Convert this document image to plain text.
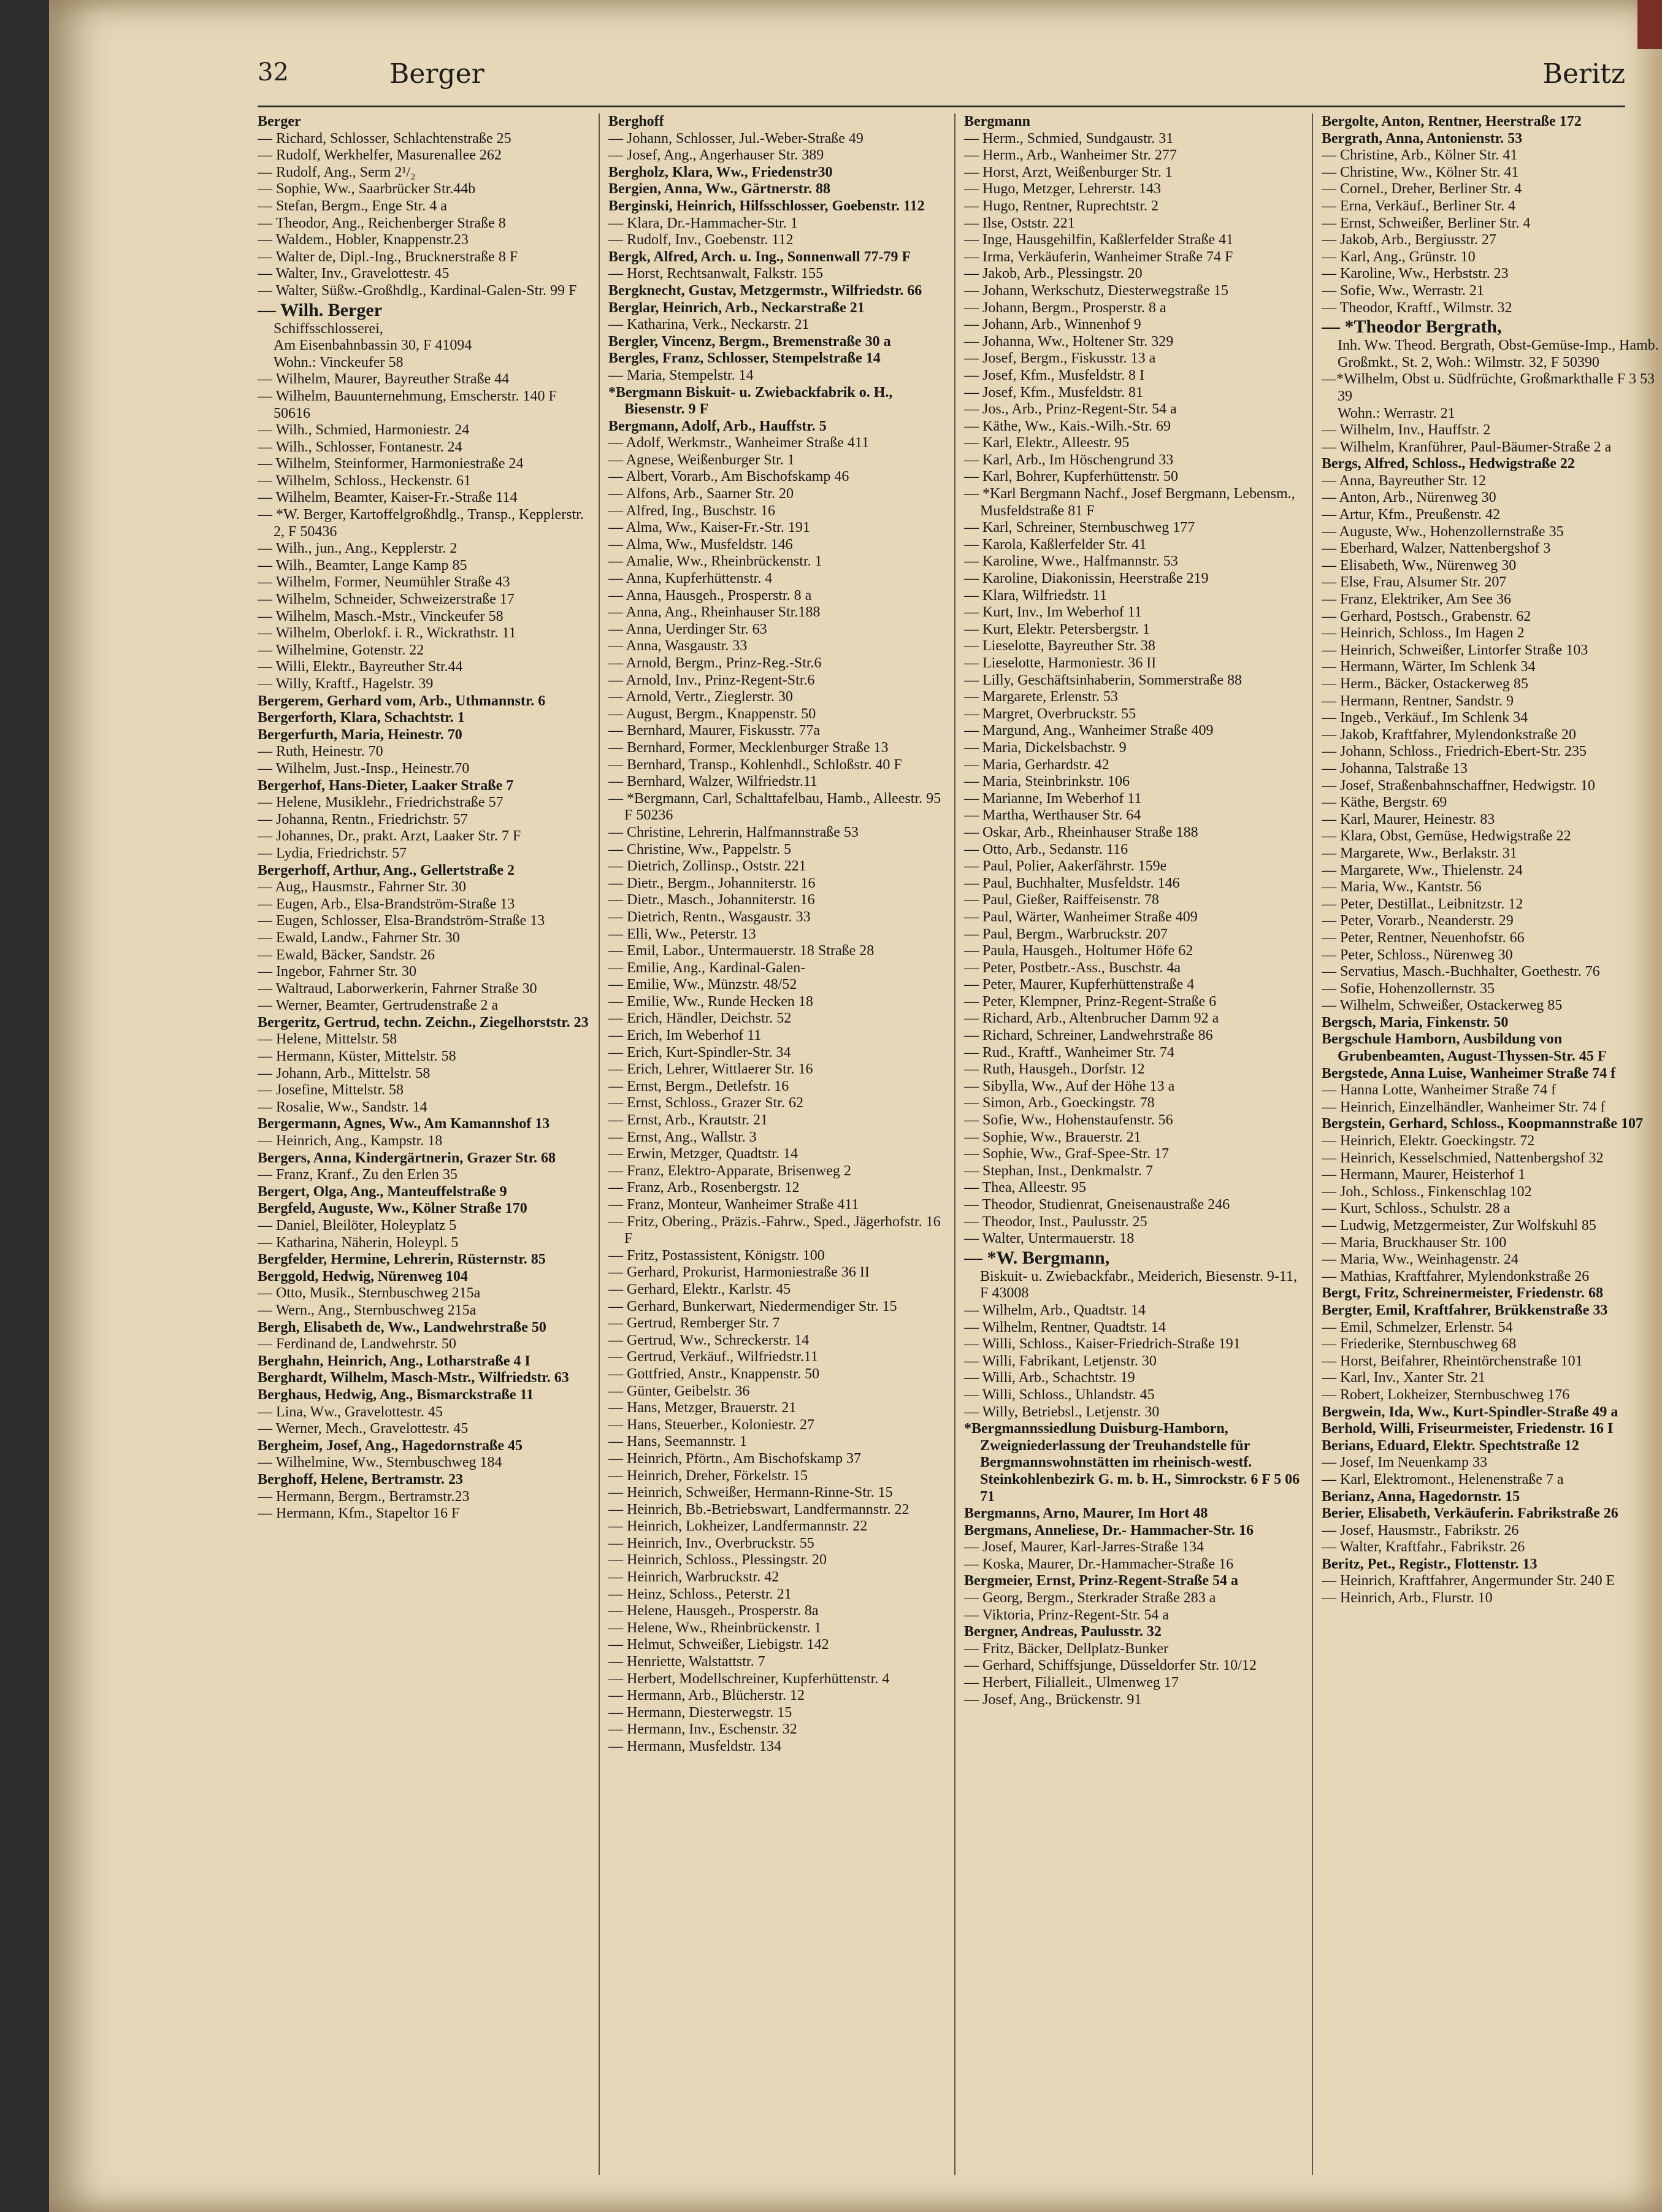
32	Berger	Beritz

Berger

— Richard, Schlosser, Schlachtenstraße 25

— Rudolf, Werkhelfer, Masurenallee 262

— Rudolf, Ang., Serm 2¹/₂

— Sophie, Ww., Saarbrücker Str.44b

— Stefan, Bergm., Enge Str. 4 a

— Theodor, Ang., Reichenberger Straße 8

— Waldem., Hobler, Knappenstr.23

— Walter de, Dipl.-Ing., Brucknerstraße 8 F

— Walter, Inv., Gravelottestr. 45

— Walter, Süßw.-Großhdlg., Kardinal-Galen-Str. 99 F

— Wilh. Berger

Schiffsschlosserei,

Am Eisenbahnbassin 30, F 41094

Wohn.: Vinckeufer 58

— Wilhelm, Maurer, Bayreuther Straße 44

— Wilhelm, Bauunternehmung, Emscherstr. 140 F 50616

— Wilh., Schmied, Harmoniestr. 24

— Wilh., Schlosser, Fontanestr. 24

— Wilhelm, Steinformer, Harmoniestraße 24

— Wilhelm, Schloss., Heckenstr. 61

— Wilhelm, Beamter, Kaiser-Fr.-Straße 114

— *W. Berger, Kartoffelgroßhdlg., Transp., Kepplerstr. 2, F 50436

— Wilh., jun., Ang., Kepplerstr. 2

— Wilh., Beamter, Lange Kamp 85

— Wilhelm, Former, Neumühler Straße 43

— Wilhelm, Schneider, Schweizerstraße 17

— Wilhelm, Masch.-Mstr., Vinckeufer 58

— Wilhelm, Oberlokf. i. R., Wickrathstr. 11

— Wilhelmine, Gotenstr. 22

— Willi, Elektr., Bayreuther Str.44

— Willy, Kraftf., Hagelstr. 39

Bergerem, Gerhard vom, Arb., Uthmannstr. 6

Bergerforth, Klara, Schachtstr. 1

Bergerfurth, Maria, Heinestr. 70

— Ruth, Heinestr. 70

— Wilhelm, Just.-Insp., Heinestr.70

Bergerhof, Hans-Dieter, Laaker Straße 7

— Helene, Musiklehr., Friedrichstraße 57

— Johanna, Rentn., Friedrichstr. 57

— Johannes, Dr., prakt. Arzt, Laaker Str. 7 F

— Lydia, Friedrichstr. 57

Bergerhoff, Arthur, Ang., Gellertstraße 2

— Aug,, Hausmstr., Fahrner Str. 30

— Eugen, Arb., Elsa-Brandström-Straße 13

— Eugen, Schlosser, Elsa-Brandström-Straße 13

— Ewald, Landw., Fahrner Str. 30

— Ewald, Bäcker, Sandstr. 26

— Ingebor, Fahrner Str. 30

— Waltraud, Laborwerkerin, Fahrner Straße 30

— Werner, Beamter, Gertrudenstraße 2 a

Bergeritz, Gertrud, techn. Zeichn., Ziegelhorststr. 23

— Helene, Mittelstr. 58

— Hermann, Küster, Mittelstr. 58

— Johann, Arb., Mittelstr. 58

— Josefine, Mittelstr. 58

— Rosalie, Ww., Sandstr. 14

Bergermann, Agnes, Ww., Am Kamannshof 13

— Heinrich, Ang., Kampstr. 18

Bergers, Anna, Kindergärtnerin, Grazer Str. 68

— Franz, Kranf., Zu den Erlen 35

Bergert, Olga, Ang., Manteuffelstraße 9

Bergfeld, Auguste, Ww., Kölner Straße 170

— Daniel, Bleilöter, Holeyplatz 5

— Katharina, Näherin, Holeypl. 5

Bergfelder, Hermine, Lehrerin, Rüsternstr. 85

Berggold, Hedwig, Nürenweg 104

— Otto, Musik., Sternbuschweg 215a

— Wern., Ang., Sternbuschweg 215a

Bergh, Elisabeth de, Ww., Landwehrstraße 50

— Ferdinand de, Landwehrstr. 50

Berghahn, Heinrich, Ang., Lotharstraße 4 I

Berghardt, Wilhelm, Masch-Mstr., Wilfriedstr. 63

Berghaus, Hedwig, Ang., Bismarckstraße 11

— Lina, Ww., Gravelottestr. 45

— Werner, Mech., Gravelottestr. 45

Bergheim, Josef, Ang., Hagedornstraße 45

— Wilhelmine, Ww., Sternbuschweg 184

Berghoff, Helene, Bertramstr. 23

— Hermann, Bergm., Bertramstr.23

— Hermann, Kfm., Stapeltor 16 F

Berghoff

— Johann, Schlosser, Jul.-Weber-Straße 49

— Josef, Ang., Angerhauser Str. 389

Bergholz, Klara, Ww., Friedenstr30

Bergien, Anna, Ww., Gärtnerstr. 88

Berginski, Heinrich, Hilfsschlosser, Goebenstr. 112

— Klara, Dr.-Hammacher-Str. 1

— Rudolf, Inv., Goebenstr. 112

Bergk, Alfred, Arch. u. Ing., Sonnenwall 77-79 F

— Horst, Rechtsanwalt, Falkstr. 155

Bergknecht, Gustav, Metzgermstr., Wilfriedstr. 66

Berglar, Heinrich, Arb., Neckarstraße 21

— Katharina, Verk., Neckarstr. 21

Bergler, Vincenz, Bergm., Bremenstraße 30 a

Bergles, Franz, Schlosser, Stempelstraße 14

— Maria, Stempelstr. 14

*Bergmann Biskuit- u. Zwiebackfabrik o. H., Biesenstr. 9 F

Bergmann, Adolf, Arb., Hauffstr. 5

— Adolf, Werkmstr., Wanheimer Straße 411

— Agnese, Weißenburger Str. 1

— Albert, Vorarb., Am Bischofskamp 46

— Alfons, Arb., Saarner Str. 20

— Alfred, Ing., Buschstr. 16

— Alma, Ww., Kaiser-Fr.-Str. 191

— Alma, Ww., Musfeldstr. 146

— Amalie, Ww., Rheinbrückenstr. 1

— Anna, Kupferhüttenstr. 4

— Anna, Hausgeh., Prosperstr. 8 a

— Anna, Ang., Rheinhauser Str.188

— Anna, Uerdinger Str. 63

— Anna, Wasgaustr. 33

— Arnold, Bergm., Prinz-Reg.-Str.6

— Arnold, Inv., Prinz-Regent-Str.6

— Arnold, Vertr., Zieglerstr. 30

— August, Bergm., Knappenstr. 50

— Bernhard, Maurer, Fiskusstr. 77a

— Bernhard, Former, Mecklenburger Straße 13

— Bernhard, Transp., Kohlenhdl., Schloßstr. 40 F

— Bernhard, Walzer, Wilfriedstr.11

— *Bergmann, Carl, Schalttafelbau, Hamb., Alleestr. 95 F 50236

— Christine, Lehrerin, Halfmannstraße 53

— Christine, Ww., Pappelstr. 5

— Dietrich, Zollinsp., Oststr. 221

— Dietr., Bergm., Johanniterstr. 16

— Dietr., Masch., Johanniterstr. 16

— Dietrich, Rentn., Wasgaustr. 33

— Elli, Ww., Peterstr. 13

— Emil, Labor., Untermauerstr. 18 Straße 28

— Emilie, Ang., Kardinal-Galen-

— Emilie, Ww., Münzstr. 48/52

— Emilie, Ww., Runde Hecken 18

— Erich, Händler, Deichstr. 52

— Erich, Im Weberhof 11

— Erich, Kurt-Spindler-Str. 34

— Erich, Lehrer, Wittlaerer Str. 16

— Ernst, Bergm., Detlefstr. 16

— Ernst, Schloss., Grazer Str. 62

— Ernst, Arb., Krautstr. 21

— Ernst, Ang., Wallstr. 3

— Erwin, Metzger, Quadtstr. 14

— Franz, Elektro-Apparate, Brisenweg 2

— Franz, Arb., Rosenbergstr. 12

— Franz, Monteur, Wanheimer Straße 411

— Fritz, Obering., Präzis.-Fahrw., Sped., Jägerhofstr. 16 F

— Fritz, Postassistent, Königstr. 100

— Gerhard, Prokurist, Harmoniestraße 36 II

— Gerhard, Elektr., Karlstr. 45

— Gerhard, Bunkerwart, Niedermendiger Str. 15

— Gertrud, Remberger Str. 7

— Gertrud, Ww., Schreckerstr. 14

— Gertrud, Verkäuf., Wilfriedstr.11

— Gottfried, Anstr., Knappenstr. 50

— Günter, Geibelstr. 36

— Hans, Metzger, Brauerstr. 21

— Hans, Steuerber., Koloniestr. 27

— Hans, Seemannstr. 1

— Heinrich, Pförtn., Am Bischofskamp 37

— Heinrich, Dreher, Förkelstr. 15

— Heinrich, Schweißer, Hermann-Rinne-Str. 15

— Heinrich, Bb.-Betriebswart, Landfermannstr. 22

— Heinrich, Lokheizer, Landfermannstr. 22

— Heinrich, Inv., Overbruckstr. 55

— Heinrich, Schloss., Plessingstr. 20

— Heinrich, Warbruckstr. 42

— Heinz, Schloss., Peterstr. 21

— Helene, Hausgeh., Prosperstr. 8a

— Helene, Ww., Rheinbrückenstr. 1

— Helmut, Schweißer, Liebigstr. 142

— Henriette, Walstattstr. 7

— Herbert, Modellschreiner, Kupferhüttenstr. 4

— Hermann, Arb., Blücherstr. 12

— Hermann, Diesterwegstr. 15

— Hermann, Inv., Eschenstr. 32

— Hermann, Musfeldstr. 134

Bergmann

— Herm., Schmied, Sundgaustr. 31

— Herm., Arb., Wanheimer Str. 277

— Horst, Arzt, Weißenburger Str. 1

— Hugo, Metzger, Lehrerstr. 143

— Hugo, Rentner, Ruprechtstr. 2

— Ilse, Oststr. 221

— Inge, Hausgehilfin, Kaßlerfelder Straße 41

— Irma, Verkäuferin, Wanheimer Straße 74 F

— Jakob, Arb., Plessingstr. 20

— Johann, Werkschutz, Diesterwegstraße 15

— Johann, Bergm., Prosperstr. 8 a

— Johann, Arb., Winnenhof 9

— Johanna, Ww., Holtener Str. 329

— Josef, Bergm., Fiskusstr. 13 a

— Josef, Kfm., Musfeldstr. 8 I

— Josef, Kfm., Musfeldstr. 81

— Jos., Arb., Prinz-Regent-Str. 54 a

— Käthe, Ww., Kais.-Wilh.-Str. 69

— Karl, Elektr., Alleestr. 95

— Karl, Arb., Im Höschengrund 33

— Karl, Bohrer, Kupferhüttenstr. 50

— *Karl Bergmann Nachf., Josef Bergmann, Lebensm., Musfeldstraße 81 F

— Karl, Schreiner, Sternbuschweg 177

— Karola, Kaßlerfelder Str. 41

— Karoline, Wwe., Halfmannstr. 53

— Karoline, Diakonissin, Heerstraße 219

— Klara, Wilfriedstr. 11

— Kurt, Inv., Im Weberhof 11

— Kurt, Elektr. Petersbergstr. 1

— Lieselotte, Bayreuther Str. 38

— Lieselotte, Harmoniestr. 36 II

— Lilly, Geschäftsinhaberin, Sommerstraße 88

— Margarete, Erlenstr. 53

— Margret, Overbruckstr. 55

— Margund, Ang., Wanheimer Straße 409

— Maria, Dickelsbachstr. 9

— Maria, Gerhardstr. 42

— Maria, Steinbrinkstr. 106

— Marianne, Im Weberhof 11

— Martha, Werthauser Str. 64

— Oskar, Arb., Rheinhauser Straße 188

— Otto, Arb., Sedanstr. 116

— Paul, Polier, Aakerfährstr. 159e

— Paul, Buchhalter, Musfeldstr. 146

— Paul, Gießer, Raiffeisenstr. 78

— Paul, Wärter, Wanheimer Straße 409

— Paul, Bergm., Warbruckstr. 207

— Paula, Hausgeh., Holtumer Höfe 62

— Peter, Postbetr.-Ass., Buschstr. 4a

— Peter, Maurer, Kupferhüttenstraße 4

— Peter, Klempner, Prinz-Regent-Straße 6

— Richard, Arb., Altenbrucher Damm 92 a

— Richard, Schreiner, Landwehrstraße 86

— Rud., Kraftf., Wanheimer Str. 74

— Ruth, Hausgeh., Dorfstr. 12

— Sibylla, Ww., Auf der Höhe 13 a

— Simon, Arb., Goeckingstr. 78

— Sofie, Ww., Hohenstaufenstr. 56

— Sophie, Ww., Brauerstr. 21

— Sophie, Ww., Graf-Spee-Str. 17

— Stephan, Inst., Denkmalstr. 7

— Thea, Alleestr. 95

— Theodor, Studienrat, Gneisenaustraße 246

— Theodor, Inst., Paulusstr. 25

— Walter, Untermauerstr. 18

— *W. Bergmann,

Biskuit- u. Zwiebackfabr., Meiderich, Biesenstr. 9-11, F 43008

— Wilhelm, Arb., Quadtstr. 14

— Wilhelm, Rentner, Quadtstr. 14

— Willi, Schloss., Kaiser-Friedrich-Straße 191

— Willi, Fabrikant, Letjenstr. 30

— Willi, Arb., Schachtstr. 19

— Willi, Schloss., Uhlandstr. 45

— Willy, Betriebsl., Letjenstr. 30

*Bergmannssiedlung Duisburg-Hamborn, Zweigniederlassung der Treuhandstelle für Bergmannswohnstätten im rheinisch-westf. Steinkohlenbezirk G. m. b. H., Simrockstr. 6 F 5 06 71

Bergmanns, Arno, Maurer, Im Hort 48

Bergmans, Anneliese, Dr.- Hammacher-Str. 16

— Josef, Maurer, Karl-Jarres-Straße 134

— Koska, Maurer, Dr.-Hammacher-Straße 16

Bergmeier, Ernst, Prinz-Regent-Straße 54 a

— Georg, Bergm., Sterkrader Straße 283 a

— Viktoria, Prinz-Regent-Str. 54 a

Bergner, Andreas, Paulusstr. 32

— Fritz, Bäcker, Dellplatz-Bunker

— Gerhard, Schiffsjunge, Düsseldorfer Str. 10/12

— Herbert, Filialleit., Ulmenweg 17

— Josef, Ang., Brückenstr. 91

Bergolte, Anton, Rentner, Heerstraße 172

Bergrath, Anna, Antonienstr. 53

— Christine, Arb., Kölner Str. 41

— Christine, Ww., Kölner Str. 41

— Cornel., Dreher, Berliner Str. 4

— Erna, Verkäuf., Berliner Str. 4

— Ernst, Schweißer, Berliner Str. 4

— Jakob, Arb., Bergiusstr. 27

— Karl, Ang., Grünstr. 10

— Karoline, Ww., Herbststr. 23

— Sofie, Ww., Werrastr. 21

— Theodor, Kraftf., Wilmstr. 32

— *Theodor Bergrath,

Inh. Ww. Theod. Bergrath, Obst-Gemüse-Imp., Hamb. Großmkt., St. 2, Woh.: Wilmstr. 32, F 50390

—*Wilhelm, Obst u. Südfrüchte, Großmarkthalle F 3 53 39

Wohn.: Werrastr. 21

— Wilhelm, Inv., Hauffstr. 2

— Wilhelm, Kranführer, Paul-Bäumer-Straße 2 a

Bergs, Alfred, Schloss., Hedwigstraße 22

— Anna, Bayreuther Str. 12

— Anton, Arb., Nürenweg 30

— Artur, Kfm., Preußenstr. 42

— Auguste, Ww., Hohenzollernstraße 35

— Eberhard, Walzer, Nattenbergshof 3

— Elisabeth, Ww., Nürenweg 30

— Else, Frau, Alsumer Str. 207

— Franz, Elektriker, Am See 36

— Gerhard, Postsch., Grabenstr. 62

— Heinrich, Schloss., Im Hagen 2

— Heinrich, Schweißer, Lintorfer Straße 103

— Hermann, Wärter, Im Schlenk 34

— Herm., Bäcker, Ostackerweg 85

— Hermann, Rentner, Sandstr. 9

— Ingeb., Verkäuf., Im Schlenk 34

— Jakob, Kraftfahrer, Mylendonkstraße 20

— Johann, Schloss., Friedrich-Ebert-Str. 235

— Johanna, Talstraße 13

— Josef, Straßenbahnschaffner, Hedwigstr. 10

— Käthe, Bergstr. 69

— Karl, Maurer, Heinestr. 83

— Klara, Obst, Gemüse, Hedwigstraße 22

— Margarete, Ww., Berlakstr. 31

— Margarete, Ww., Thielenstr. 24

— Maria, Ww., Kantstr. 56

— Peter, Destillat., Leibnitzstr. 12

— Peter, Vorarb., Neanderstr. 29

— Peter, Rentner, Neuenhofstr. 66

— Peter, Schloss., Nürenweg 30

— Servatius, Masch.-Buchhalter, Goethestr. 76

— Sofie, Hohenzollernstr. 35

— Wilhelm, Schweißer, Ostackerweg 85

Bergsch, Maria, Finkenstr. 50

Bergschule Hamborn, Ausbildung von Grubenbeamten, August-Thyssen-Str. 45 F

Bergstede, Anna Luise, Wanheimer Straße 74 f

— Hanna Lotte, Wanheimer Straße 74 f

— Heinrich, Einzelhändler, Wanheimer Str. 74 f

Bergstein, Gerhard, Schloss., Koopmannstraße 107

— Heinrich, Elektr. Goeckingstr. 72

— Heinrich, Kesselschmied, Nattenbergshof 32

— Hermann, Maurer, Heisterhof 1

— Joh., Schloss., Finkenschlag 102

— Kurt, Schloss., Schulstr. 28 a

— Ludwig, Metzgermeister, Zur Wolfskuhl 85

— Maria, Bruckhauser Str. 100

— Maria, Ww., Weinhagenstr. 24

— Mathias, Kraftfahrer, Mylendonkstraße 26

Bergt, Fritz, Schreinermeister, Friedenstr. 68

Bergter, Emil, Kraftfahrer, Brükkenstraße 33

— Emil, Schmelzer, Erlenstr. 54

— Friederike, Sternbuschweg 68

— Horst, Beifahrer, Rheintörchenstraße 101

— Karl, Inv., Xanter Str. 21

— Robert, Lokheizer, Sternbuschweg 176

Bergwein, Ida, Ww., Kurt-Spindler-Straße 49 a

Berhold, Willi, Friseurmeister, Friedenstr. 16 I

Berians, Eduard, Elektr. Spechtstraße 12

— Josef, Im Neuenkamp 33

— Karl, Elektromont., Helenenstraße 7 a

Berianz, Anna, Hagedornstr. 15

Berier, Elisabeth, Verkäuferin. Fabrikstraße 26

— Josef, Hausmstr., Fabrikstr. 26

— Walter, Kraftfahr., Fabrikstr. 26

Beritz, Pet., Registr., Flottenstr. 13

— Heinrich, Kraftfahrer, Angermunder Str. 240 E

— Heinrich, Arb., Flurstr. 10
